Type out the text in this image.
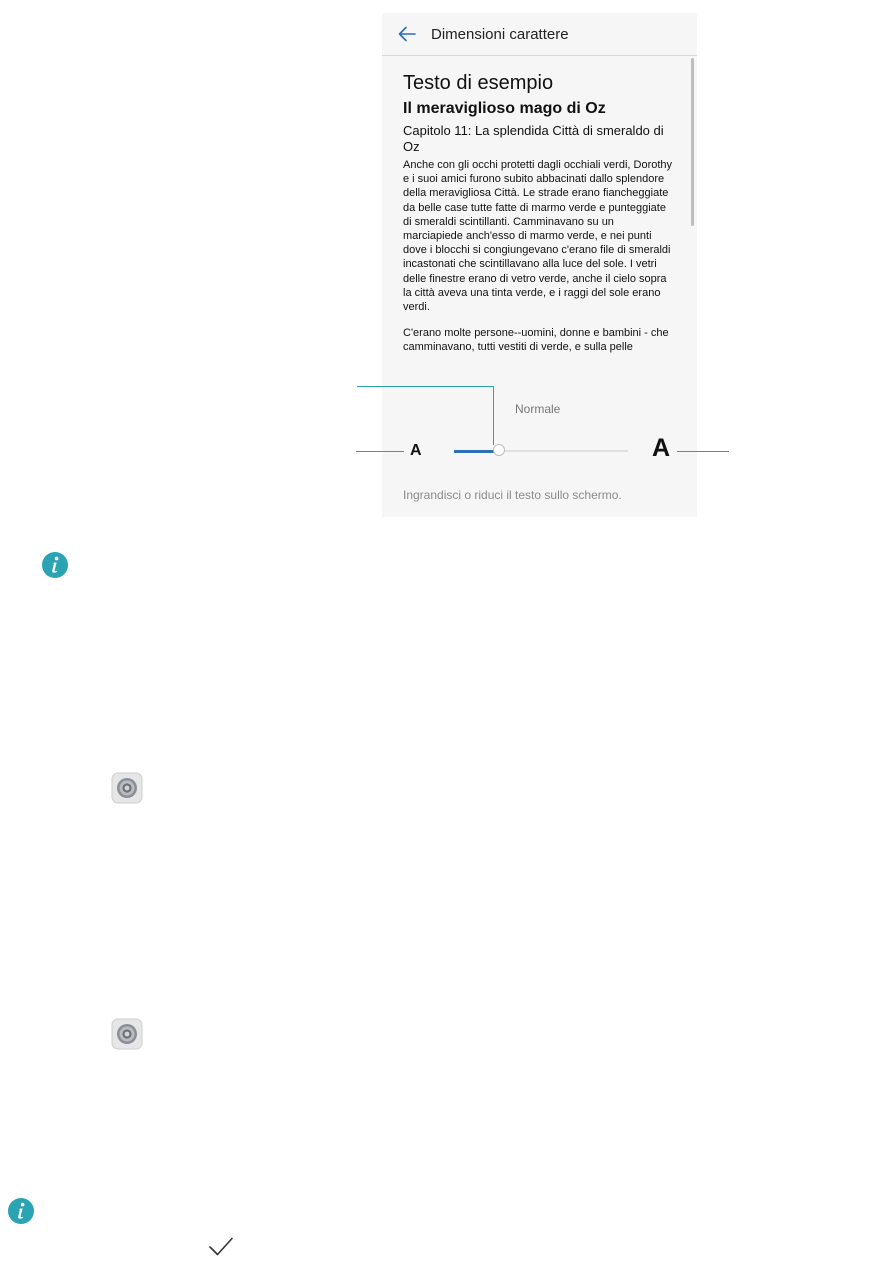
Dimensioni carattere
Testo di esempio
Il meraviglioso mago di Oz
Capitolo 11: La splendida Città di smeraldo di Oz

Anche con gli occhi protetti dagli occhiali verdi, Dorothy e i suoi amici furono subito abbacinati dallo splendore della meravigliosa Città. Le strade erano fiancheggiate da belle case tutte fatte di marmo verde e punteggiate di smeraldi scintillanti. Camminavano su un marciapiede anch'esso di marmo verde, e nei punti dove i blocchi si congiungevano c'erano file di smeraldi incastonati che scintillavano alla luce del sole. I vetri delle finestre erano di vetro verde, anche il cielo sopra la città aveva una tinta verde, e i raggi del sole erano verdi.

C'erano molte persone--uomini, donne e bambini - che camminavano, tutti vestiti di verde, e sulla pelle

Normale
A	A
Ingrandisci o riduci il testo sullo schermo.
